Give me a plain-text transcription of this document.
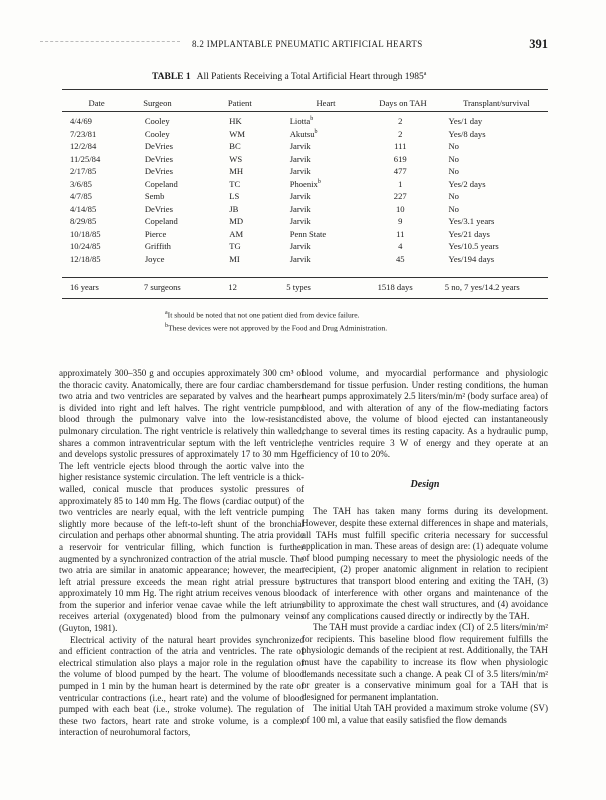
8.2 IMPLANTABLE PNEUMATIC ARTIFICIAL HEARTS	391
TABLE 1 All Patients Receiving a Total Artificial Heart through 1985$^a$
Date	Surgeon	Patient	Heart	Days on TAH	Transplant/survival
4/4/69	Cooley	HK	Liotta$^b$	2	Yes/1 day
7/23/81	Cooley	WM	Akutsu$^b$	2	Yes/8 days
12/2/84	DeVries	BC	Jarvik	111	No
11/25/84	DeVries	WS	Jarvik	619	No
2/17/85	DeVries	MH	Jarvik	477	No
3/6/85	Copeland	TC	Phoenix$^b$	1	Yes/2 days
4/7/85	Semb	LS	Jarvik	227	No
4/14/85	DeVries	JB	Jarvik	10	No
8/29/85	Copeland	MD	Jarvik	9	Yes/3.1 years
10/18/85	Pierce	AM	Penn State	11	Yes/21 days
10/24/85	Griffith	TG	Jarvik	4	Yes/10.5 years
12/18/85	Joyce	MI	Jarvik	45	Yes/194 days
16 years	7 surgeons	12	5 types	1518 days	5 no, 7 yes/14.2 years
$^a$It should be noted that not one patient died from device failure.
$^b$These devices were not approved by the Food and Drug Administration.

approximately 300–350 g and occupies approximately 300 cm³ of the thoracic cavity. Anatomically, there are four cardiac chambers: two atria and two ventricles are separated by valves and the heart is divided into right and left halves. The right ventricle pumps blood through the pulmonary valve into the low-resistance pulmonary circulation. The right ventricle is relatively thin walled, shares a common intraventricular septum with the left ventricle, and develops systolic pressures of approximately 17 to 30 mm Hg. The left ventricle ejects blood through the aortic valve into the higher resistance systemic circulation. The left ventricle is a thick-walled, conical muscle that produces systolic pressures of approximately 85 to 140 mm Hg. The flows (cardiac output) of the two ventricles are nearly equal, with the left ventricle pumping slightly more because of the left-to-left shunt of the bronchial circulation and perhaps other abnormal shunting. The atria provide a reservoir for ventricular filling, which function is further augmented by a synchronized contraction of the atrial muscle. The two atria are similar in anatomic appearance; however, the mean left atrial pressure exceeds the mean right atrial pressure by approximately 10 mm Hg. The right atrium receives venous blood from the superior and inferior venae cavae while the left atrium receives arterial (oxygenated) blood from the pulmonary veins (Guyton, 1981).

Electrical activity of the natural heart provides synchronized and efficient contraction of the atria and ventricles. The rate of electrical stimulation also plays a major role in the regulation of the volume of blood pumped by the heart. The volume of blood pumped in 1 min by the human heart is determined by the rate of ventricular contractions (i.e., heart rate) and the volume of blood pumped with each beat (i.e., stroke volume). The regulation of these two factors, heart rate and stroke volume, is a complex interaction of neurohumoral factors,

blood volume, and myocardial performance and physiologic demand for tissue perfusion. Under resting conditions, the human heart pumps approximately 2.5 liters/min/m² (body surface area) of blood, and with alteration of any of the flow-mediating factors listed above, the volume of blood ejected can instantaneously change to several times its resting capacity. As a hydraulic pump, the ventricles require 3 W of energy and they operate at an efficiency of 10 to 20%.

Design

The TAH has taken many forms during its development. However, despite these external differences in shape and materials, all TAHs must fulfill specific criteria necessary for successful application in man. These areas of design are: (1) adequate volume of blood pumping necessary to meet the physiologic needs of the recipient, (2) proper anatomic alignment in relation to recipient structures that transport blood entering and exiting the TAH, (3) lack of interference with other organs and maintenance of the ability to approximate the chest wall structures, and (4) avoidance of any complications caused directly or indirectly by the TAH.

The TAH must provide a cardiac index (CI) of 2.5 liters/min/m² for recipients. This baseline blood flow requirement fulfills the physiologic demands of the recipient at rest. Additionally, the TAH must have the capability to increase its flow when physiologic demands necessitate such a change. A peak CI of 3.5 liters/min/m² or greater is a conservative minimum goal for a TAH that is designed for permanent implantation.

The initial Utah TAH provided a maximum stroke volume (SV) of 100 ml, a value that easily satisfied the flow demands
